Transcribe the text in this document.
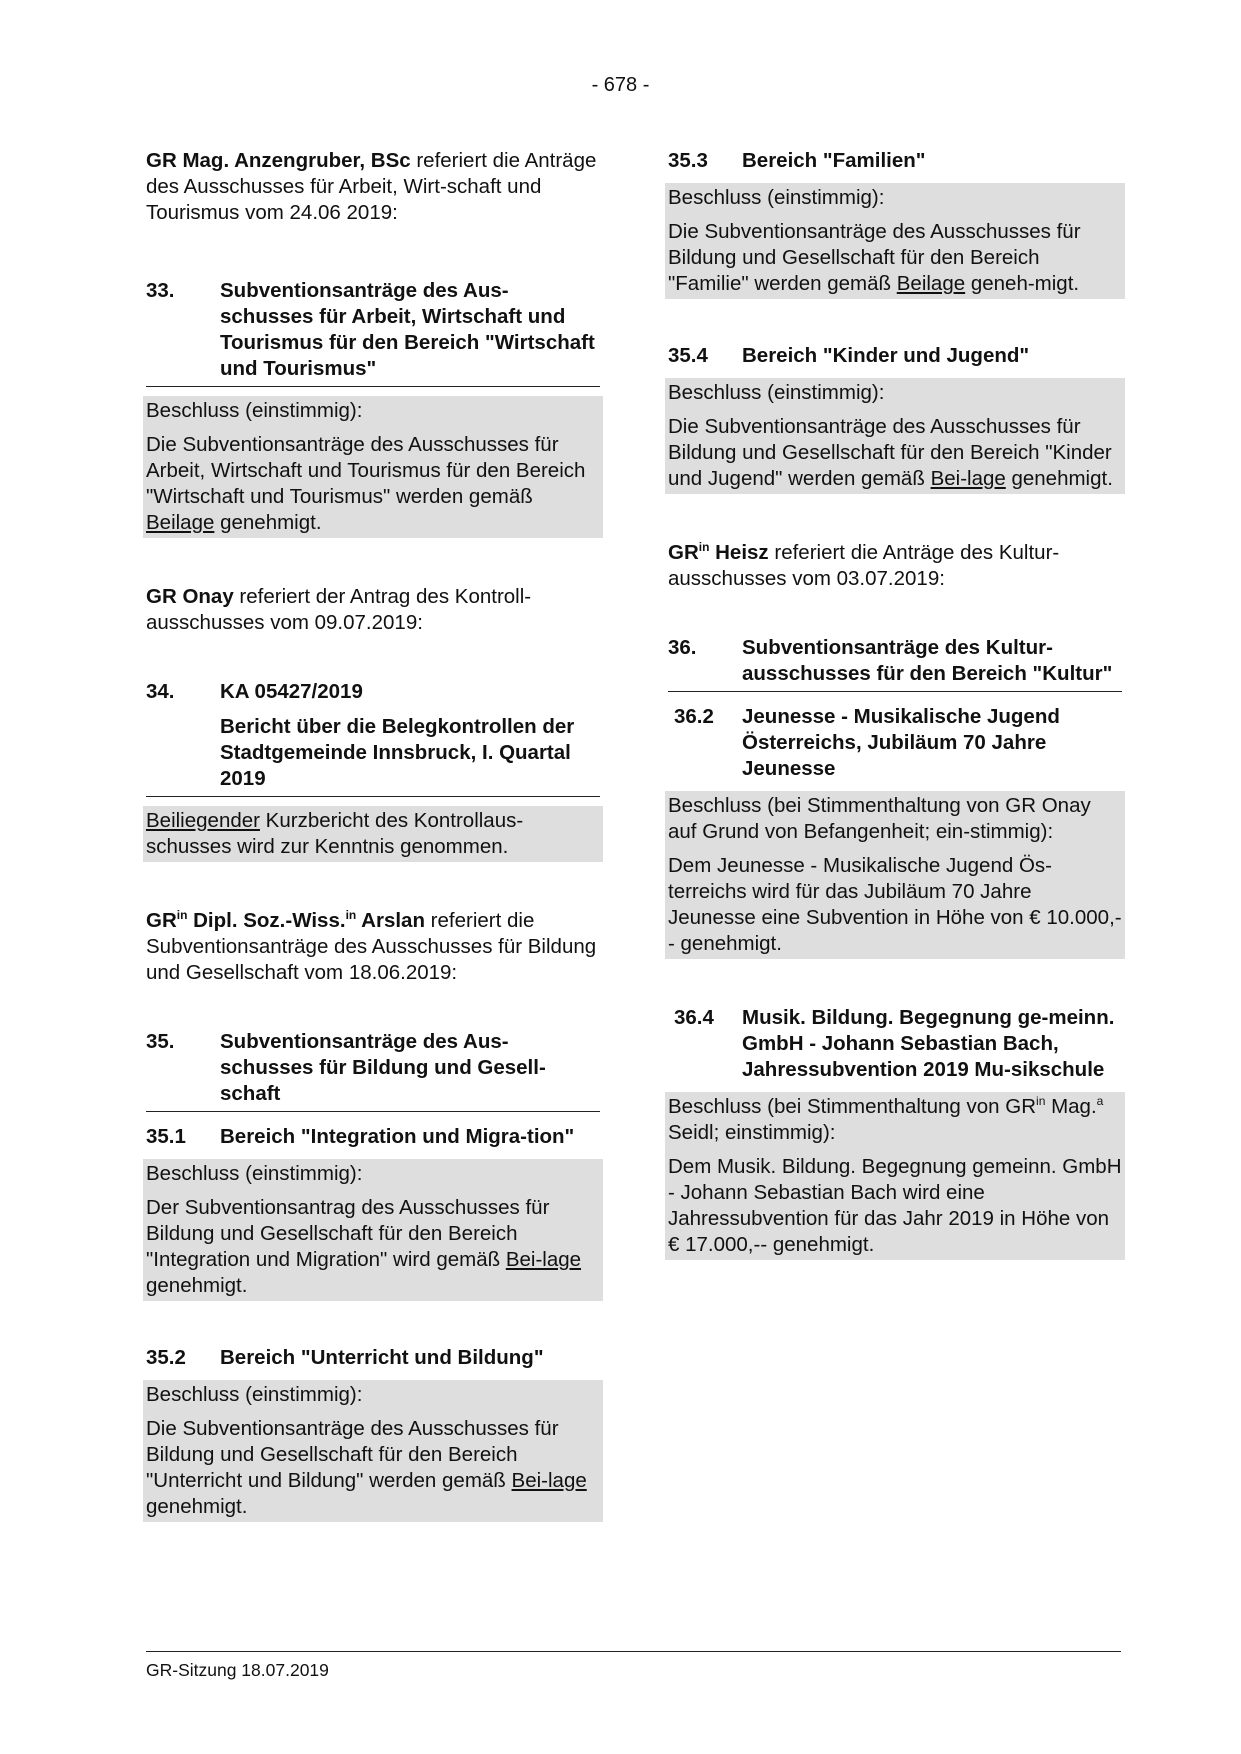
- 678 -

GR Mag. Anzengruber, BSc referiert die Anträge des Ausschusses für Arbeit, Wirt-schaft und Tourismus vom 24.06 2019:

33.	Subventionsanträge des Aus-schusses für Arbeit, Wirtschaft und Tourismus für den Bereich "Wirtschaft und Tourismus"

Beschluss (einstimmig):

Die Subventionsanträge des Ausschusses für Arbeit, Wirtschaft und Tourismus für den Bereich "Wirtschaft und Tourismus" werden gemäß Beilage genehmigt.

GR Onay referiert der Antrag des Kontroll-ausschusses vom 09.07.2019:

34.	KA 05427/2019

Bericht über die Belegkontrollen der Stadtgemeinde Innsbruck, I. Quartal 2019

Beiliegender Kurzbericht des Kontrollaus-schusses wird zur Kenntnis genommen.

$GR^{in}$ Dipl. Soz.-Wiss.$^{in}$ Arslan referiert die Subventionsanträge des Ausschusses für Bildung und Gesellschaft vom 18.06.2019:

35.	Subventionsanträge des Aus-schusses für Bildung und Gesell-schaft
35.1	Bereich "Integration und Migra-tion"

Beschluss (einstimmig):

Der Subventionsantrag des Ausschusses für Bildung und Gesellschaft für den Bereich "Integration und Migration" wird gemäß Bei-lage genehmigt.

35.2	Bereich "Unterricht und Bildung"

Beschluss (einstimmig):

Die Subventionsanträge des Ausschusses für Bildung und Gesellschaft für den Bereich "Unterricht und Bildung" werden gemäß Bei-lage genehmigt.

35.3	Bereich "Familien"

Beschluss (einstimmig):

Die Subventionsanträge des Ausschusses für Bildung und Gesellschaft für den Bereich "Familie" werden gemäß Beilage geneh-migt.

35.4	Bereich "Kinder und Jugend"

Beschluss (einstimmig):

Die Subventionsanträge des Ausschusses für Bildung und Gesellschaft für den Bereich "Kinder und Jugend" werden gemäß Bei-lage genehmigt.

$GR^{in}$ Heisz referiert die Anträge des Kultur-ausschusses vom 03.07.2019:

36.	Subventionsanträge des Kultur-ausschusses für den Bereich "Kultur"
36.2	Jeunesse - Musikalische Jugend Österreichs, Jubiläum 70 Jahre Jeunesse

Beschluss (bei Stimmenthaltung von GR Onay auf Grund von Befangenheit; ein-stimmig):

Dem Jeunesse - Musikalische Jugend Ös-terreichs wird für das Jubiläum 70 Jahre Jeunesse eine Subvention in Höhe von € 10.000,-- genehmigt.

36.4	Musik. Bildung. Begegnung ge-meinn. GmbH - Johann Sebastian Bach, Jahressubvention 2019 Mu-sikschule

Beschluss (bei Stimmenthaltung von $GR^{in}$ Mag.$^a$ Seidl; einstimmig):

Dem Musik. Bildung. Begegnung gemeinn. GmbH - Johann Sebastian Bach wird eine Jahressubvention für das Jahr 2019 in Höhe von € 17.000,-- genehmigt.

GR-Sitzung 18.07.2019
